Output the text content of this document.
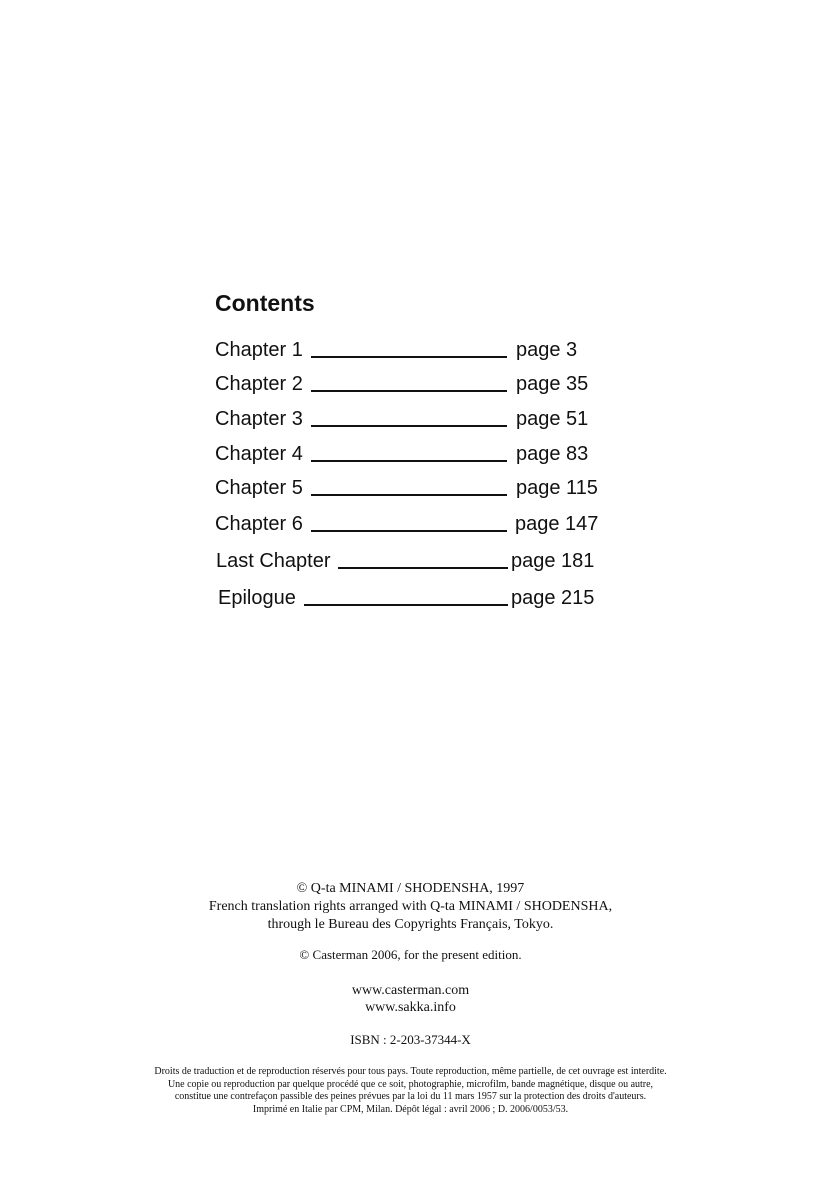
Contents
Chapter 1	page 3
Chapter 2	page 35
Chapter 3	page 51
Chapter 4	page 83
Chapter 5	page 115
Chapter 6	page 147
Last Chapter	page 181
Epilogue	page 215

© Q-ta MINAMI / SHODENSHA, 1997

French translation rights arranged with Q-ta MINAMI / SHODENSHA,

through le Bureau des Copyrights Français, Tokyo.

© Casterman 2006, for the present edition.

www.casterman.com

www.sakka.info

ISBN : 2-203-37344-X

Droits de traduction et de reproduction réservés pour tous pays. Toute reproduction, même partielle, de cet ouvrage est interdite.

Une copie ou reproduction par quelque procédé que ce soit, photographie, microfilm, bande magnétique, disque ou autre,

constitue une contrefaçon passible des peines prévues par la loi du 11 mars 1957 sur la protection des droits d'auteurs.

Imprimé en Italie par CPM, Milan. Dépôt légal : avril 2006 ; D. 2006/0053/53.
